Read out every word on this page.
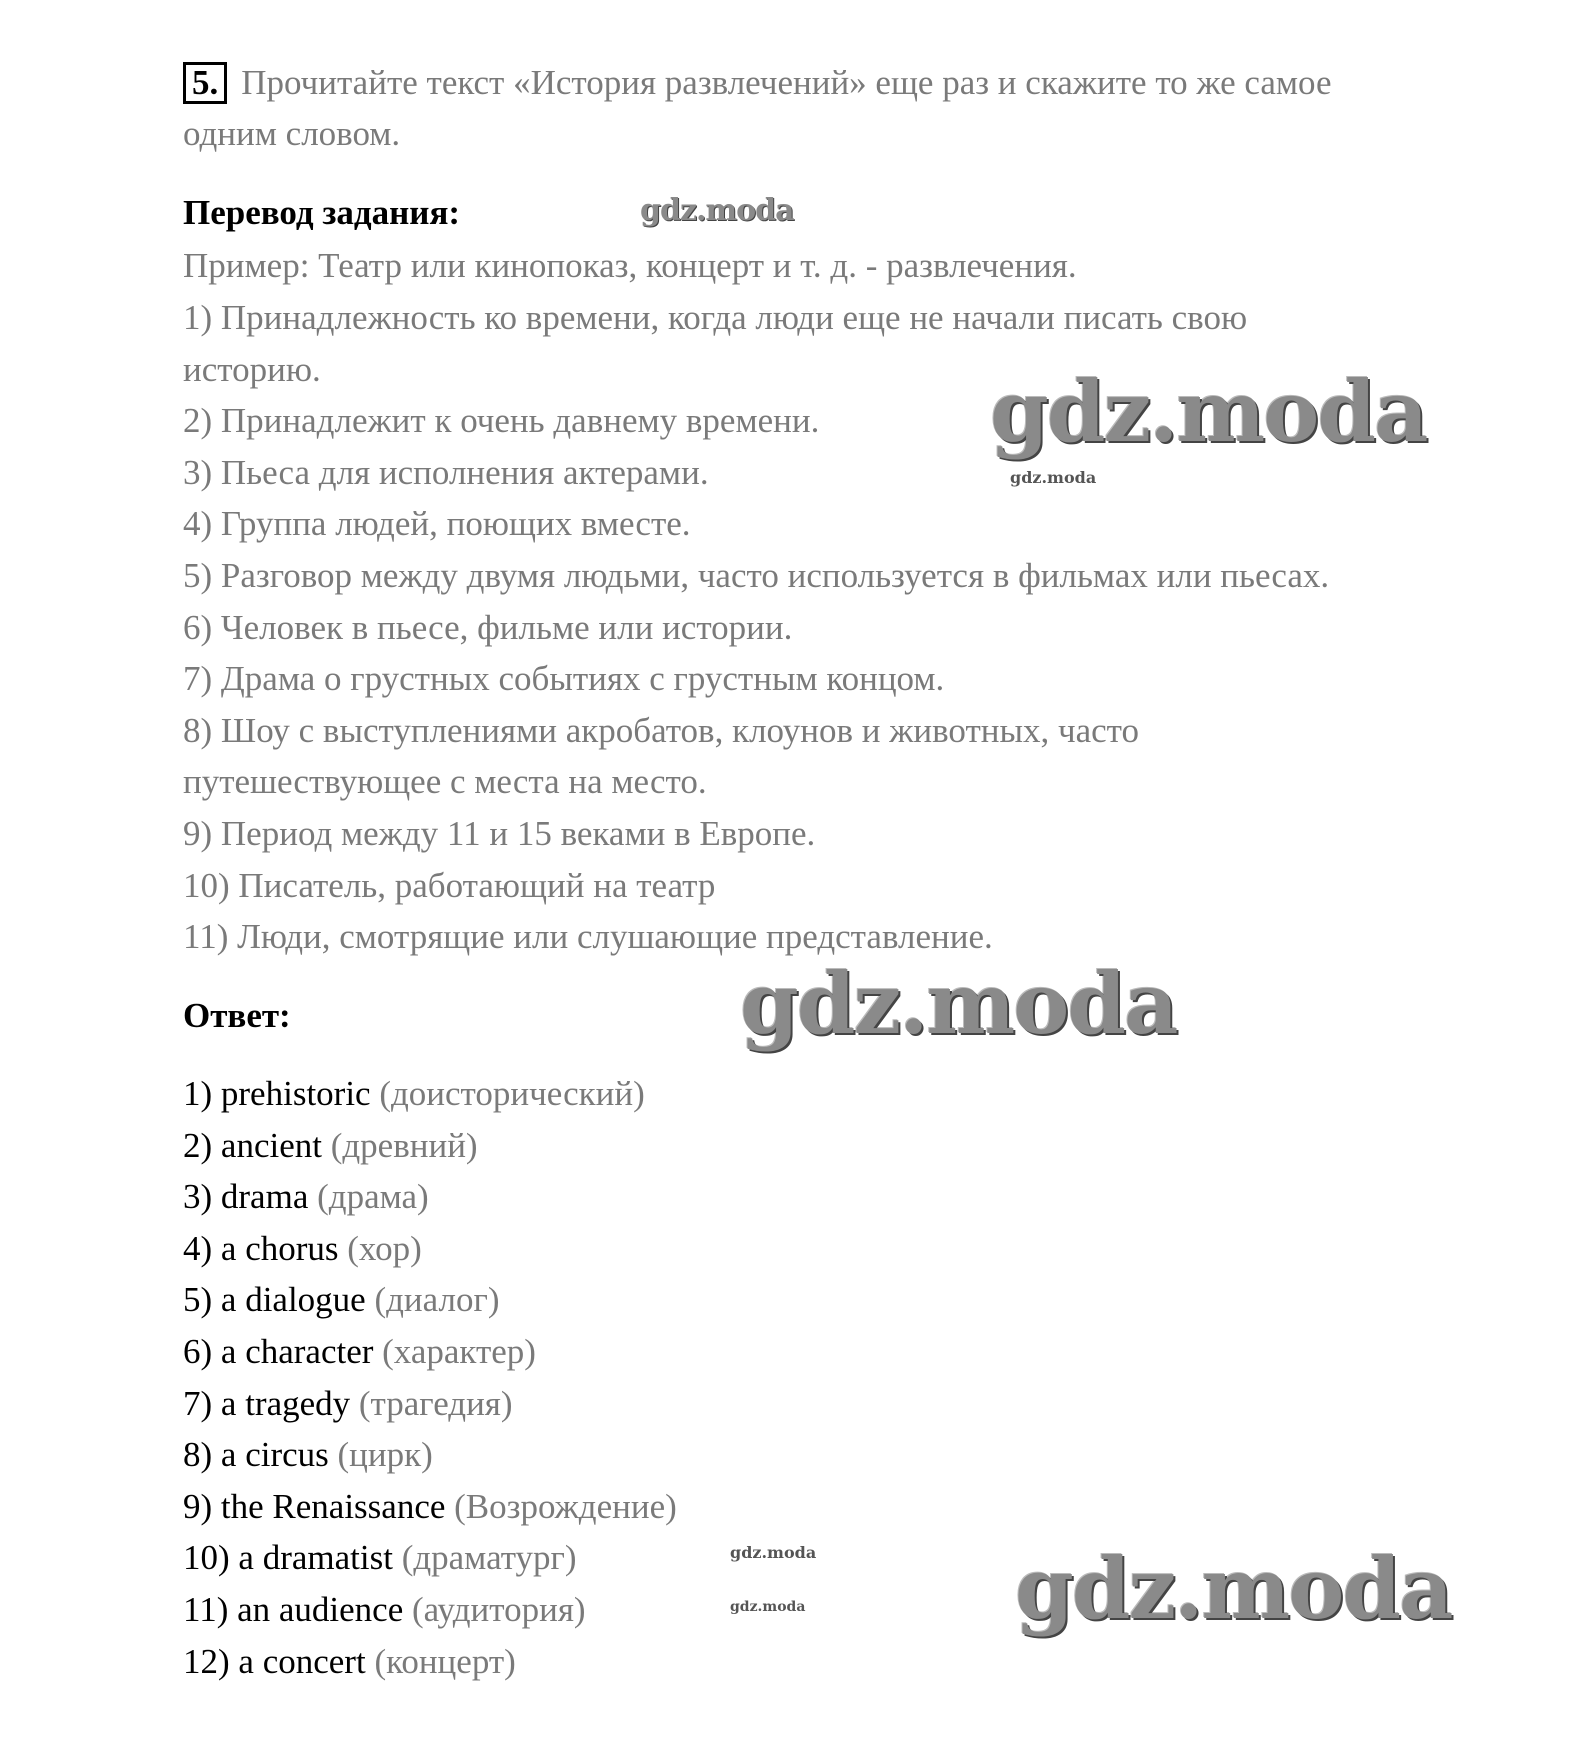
5. Прочитайте текст «История развлечений» еще раз и скажите то же самое
одним словом.
Перевод задания:
Пример: Театр или кинопоказ, концерт и т. д. - развлечения.
1) Принадлежность ко времени, когда люди еще не начали писать свою
историю.
2) Принадлежит к очень давнему времени.
3) Пьеса для исполнения актерами.
4) Группа людей, поющих вместе.
5) Разговор между двумя людьми, часто используется в фильмах или пьесах.
6) Человек в пьесе, фильме или истории.
7) Драма о грустных событиях с грустным концом.
8) Шоу с выступлениями акробатов, клоунов и животных, часто
путешествующее с места на место.
9) Период между 11 и 15 веками в Европе.
10) Писатель, работающий на театр
11) Люди, смотрящие или слушающие представление.
Ответ:
1) prehistoric (доисторический)
2) ancient (древний)
3) drama (драма)
4) a chorus (хор)
5) a dialogue (диалог)
6) a character (характер)
7) a tragedy (трагедия)
8) a circus (цирк)
9) the Renaissance (Возрождение)
10) a dramatist (драматург)
11) an audience (аудитория)
12) a concert (концерт)
gdz.moda
gdz.moda
gdz.moda
gdz.moda
gdz.moda
gdz.moda
gdz.moda
